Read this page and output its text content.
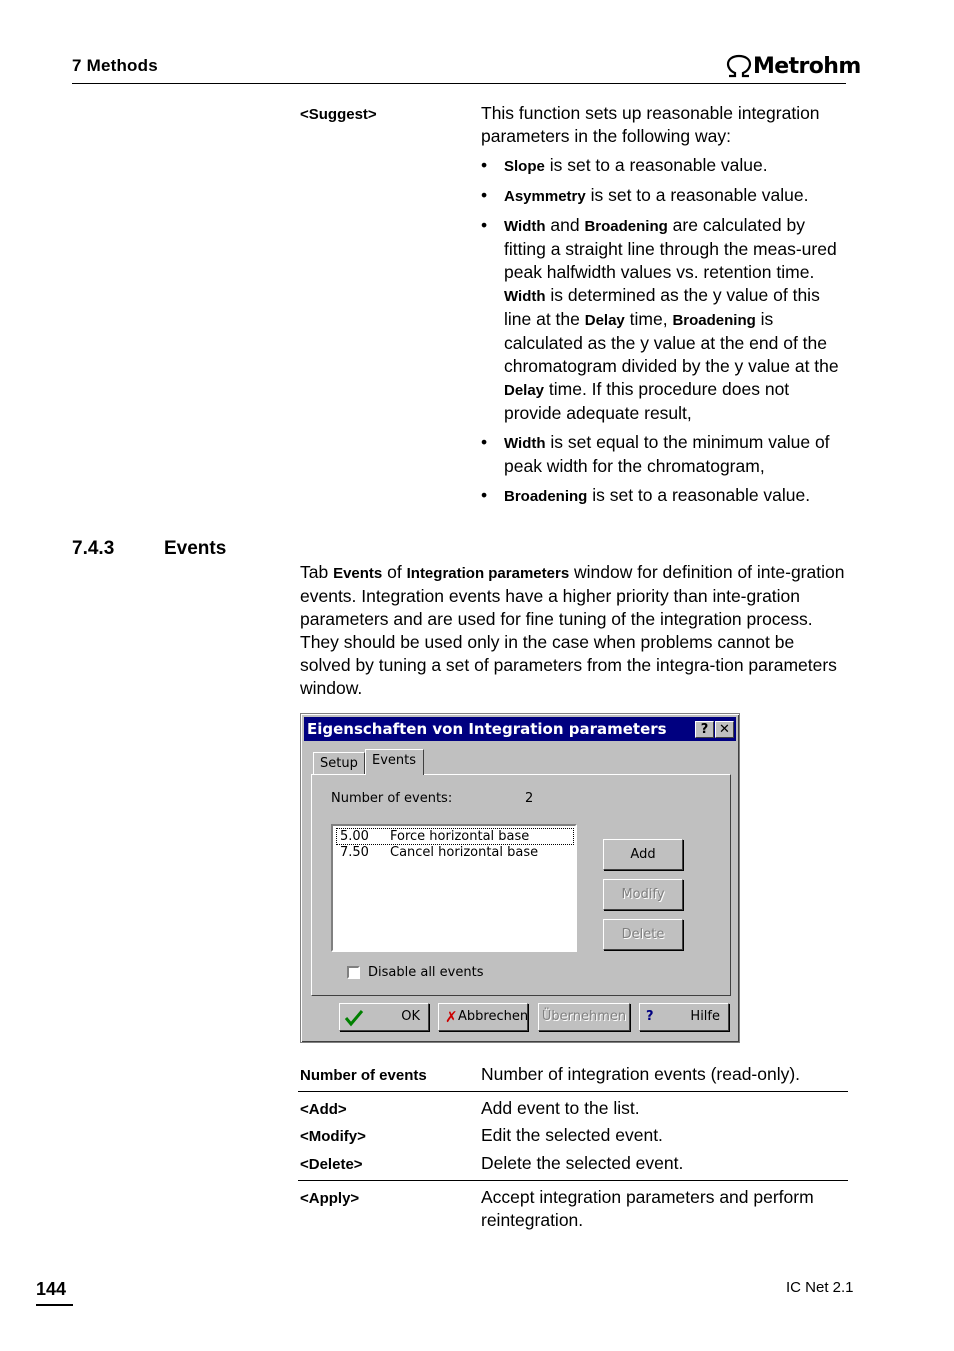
7 Methods	Metrohm
<Suggest>	This function sets up reasonable integration parameters in the following way:
• Slope is set to a reasonable value.
• Asymmetry is set to a reasonable value.
• Width and Broadening are calculated by fitting a straight line through the meas-ured peak halfwidth values vs. retention time. Width is determined as the y value of this line at the Delay time, Broadening is calculated as the y value at the end of the chromatogram divided by the y value at the Delay time. If this procedure does not provide adequate result,
• Width is set equal to the minimum value of peak width for the chromatogram,
• Broadening is set to a reasonable value.
7.4.3	Events
Tab Events of Integration parameters window for definition of inte-gration events. Integration events have a higher priority than inte-gration parameters and are used for fine tuning of the integration process. They should be used only in the case when problems cannot be solved by tuning a set of parameters from the integra-tion parameters window.
Eigenschaften von Integration parameters	? ✕
Setup	Events
Number of events:	2
5.00 Force horizontal base
7.50 Cancel horizontal base	Add
Modify
Delete
Disable all events
OK ✗ Abbrechen Übernehmen ?	Hilfe
Number of events	Number of integration events (read-only).
<Add>	Add event to the list.
<Modify>	Edit the selected event.
<Delete>	Delete the selected event.
<Apply>	Accept integration parameters and perform reintegration.
144	IC Net 2.1
